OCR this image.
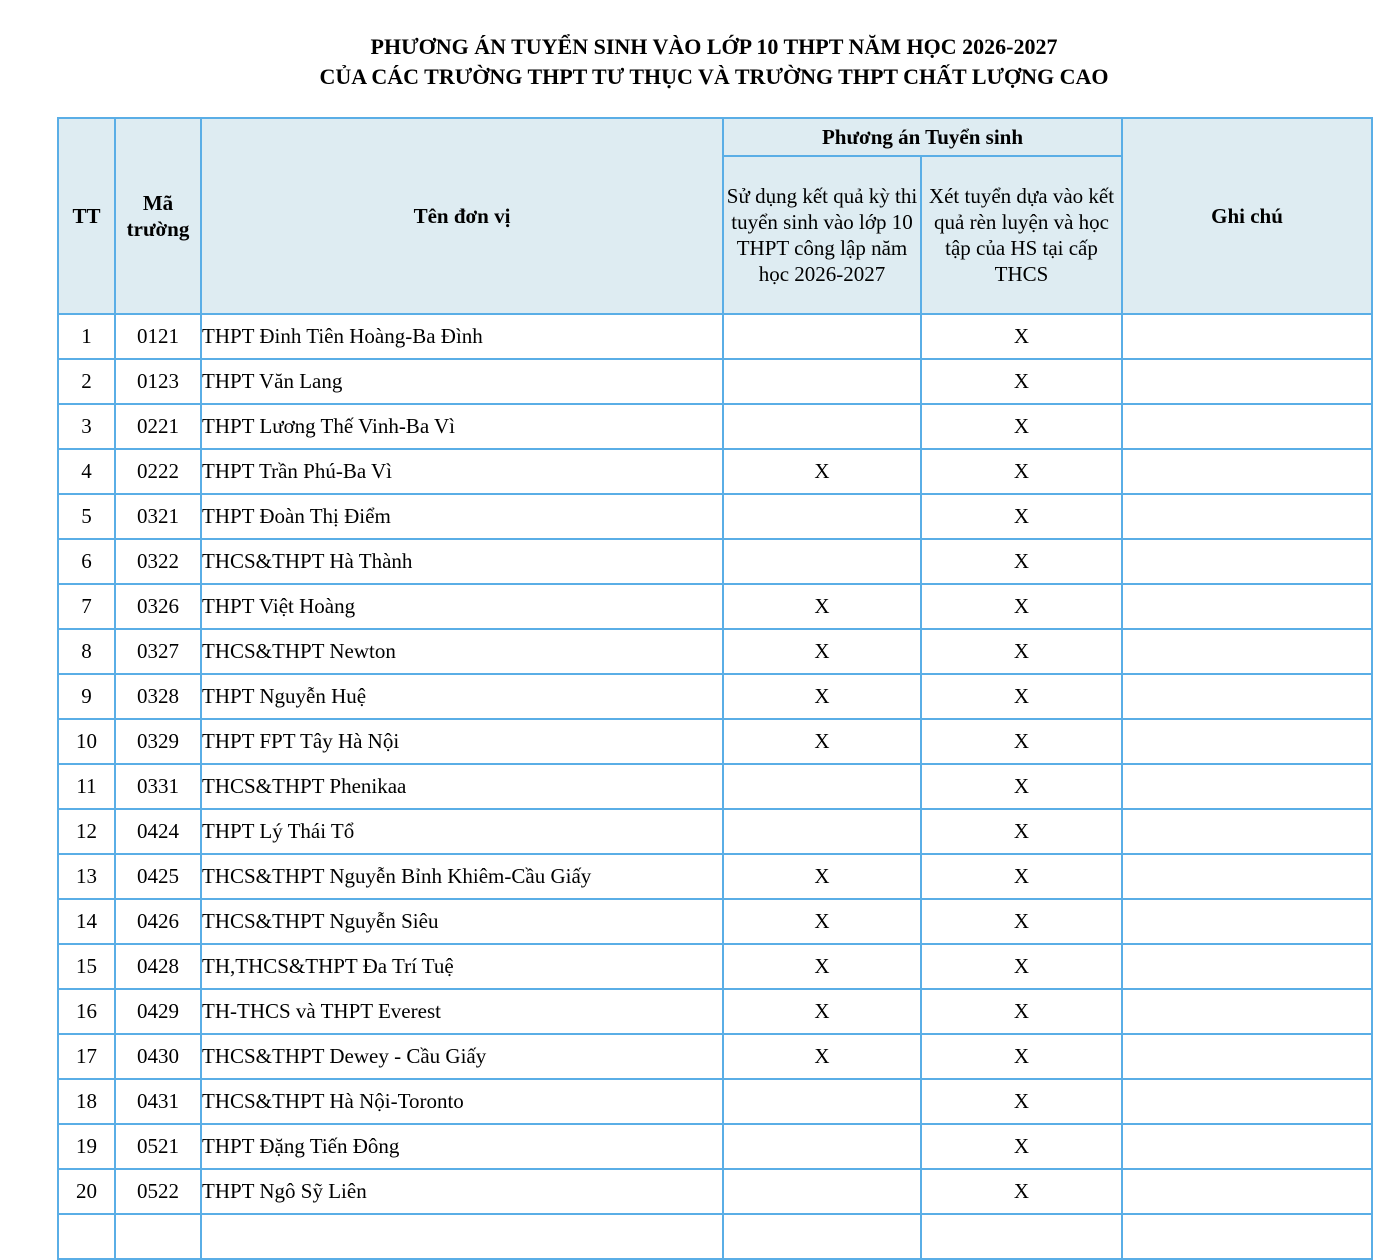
PHƯƠNG ÁN TUYỂN SINH VÀO LỚP 10 THPT NĂM HỌC 2026-2027
CỦA CÁC TRƯỜNG THPT TƯ THỤC VÀ TRƯỜNG THPT CHẤT LƯỢNG CAO
TT	Mã trường	Tên đơn vị	Phương án Tuyển sinh		Ghi chú
			Sử dụng kết quả kỳ thi tuyển sinh vào lớp 10 THPT công lập năm học 2026-2027	Xét tuyển dựa vào kết quả rèn luyện và học tập của HS tại cấp THCS	
1	0121	THPT Đinh Tiên Hoàng-Ba Đình		X	
2	0123	THPT Văn Lang		X	
3	0221	THPT Lương Thế Vinh-Ba Vì		X	
4	0222	THPT Trần Phú-Ba Vì	X	X	
5	0321	THPT Đoàn Thị Điểm		X	
6	0322	THCS&THPT Hà Thành		X	
7	0326	THPT Việt Hoàng	X	X	
8	0327	THCS&THPT Newton	X	X	
9	0328	THPT Nguyễn Huệ	X	X	
10	0329	THPT FPT Tây Hà Nội	X	X	
11	0331	THCS&THPT Phenikaa		X	
12	0424	THPT Lý Thái Tổ		X	
13	0425	THCS&THPT Nguyễn Bỉnh Khiêm-Cầu Giấy	X	X	
14	0426	THCS&THPT Nguyễn Siêu	X	X	
15	0428	TH,THCS&THPT Đa Trí Tuệ	X	X	
16	0429	TH-THCS và THPT Everest	X	X	
17	0430	THCS&THPT Dewey - Cầu Giấy	X	X	
18	0431	THCS&THPT Hà Nội-Toronto		X	
19	0521	THPT Đặng Tiến Đông		X	
20	0522	THPT Ngô Sỹ Liên		X	
